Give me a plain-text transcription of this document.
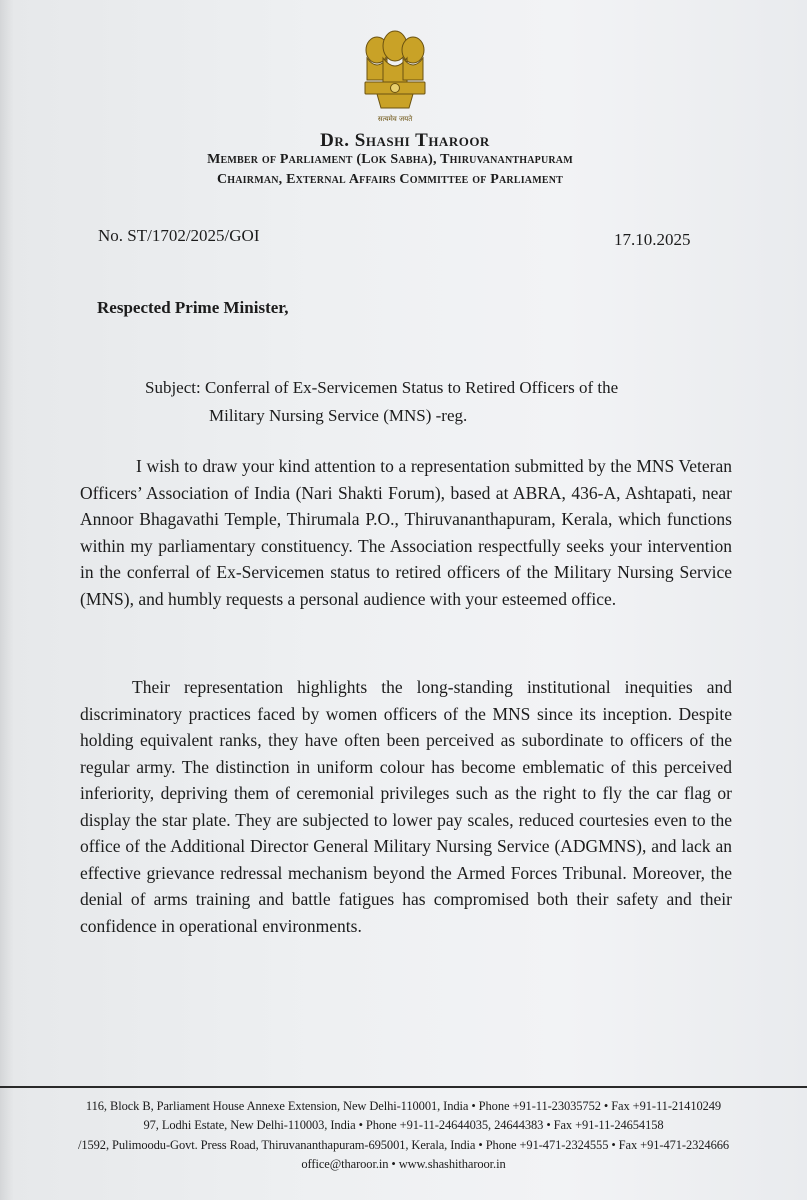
सत्यमेव जयते
Dr. Shashi Tharoor
Member of Parliament (Lok Sabha), Thiruvananthapuram
Chairman, External Affairs Committee of Parliament
No. ST/1702/2025/GOI	17.10.2025
Respected Prime Minister,
Subject: Conferral of Ex-Servicemen Status to Retired Officers of the
Military Nursing Service (MNS) -reg.
I wish to draw your kind attention to a representation submitted by the MNS Veteran Officers’ Association of India (Nari Shakti Forum), based at ABRA, 436-A, Ashtapati, near Annoor Bhagavathi Temple, Thirumala P.O., Thiruvananthapuram, Kerala, which functions within my parliamentary constituency. The Association respectfully seeks your intervention in the conferral of Ex-Servicemen status to retired officers of the Military Nursing Service (MNS), and humbly requests a personal audience with your esteemed office.
Their representation highlights the long-standing institutional inequities and discriminatory practices faced by women officers of the MNS since its inception. Despite holding equivalent ranks, they have often been perceived as subordinate to officers of the regular army. The distinction in uniform colour has become emblematic of this perceived inferiority, depriving them of ceremonial privileges such as the right to fly the car flag or display the star plate. They are subjected to lower pay scales, reduced courtesies even to the office of the Additional Director General Military Nursing Service (ADGMNS), and lack an effective grievance redressal mechanism beyond the Armed Forces Tribunal. Moreover, the denial of arms training and battle fatigues has compromised both their safety and their confidence in operational environments.
116, Block B, Parliament House Annexe Extension, New Delhi-110001, India • Phone +91-11-23035752 • Fax +91-11-21410249
97, Lodhi Estate, New Delhi-110003, India • Phone +91-11-24644035, 24644383 • Fax +91-11-24654158
/1592, Pulimoodu-Govt. Press Road, Thiruvananthapuram-695001, Kerala, India • Phone +91-471-2324555 • Fax +91-471-2324666
office@tharoor.in • www.shashitharoor.in
